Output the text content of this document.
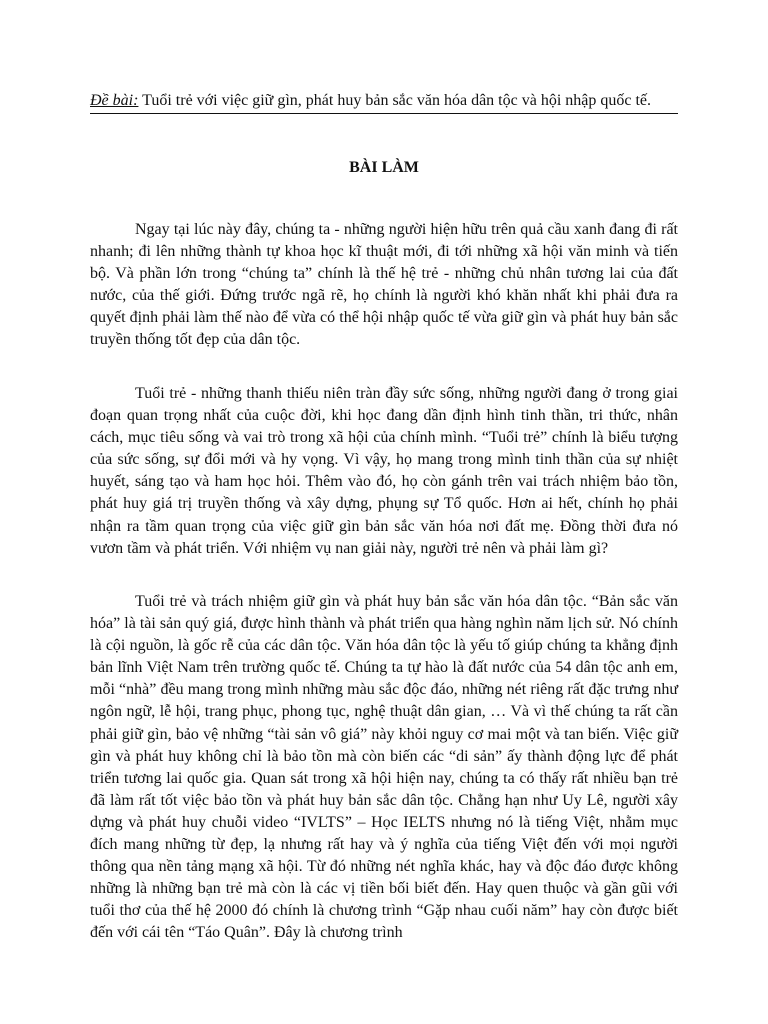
Đề bài: Tuổi trẻ với việc giữ gìn, phát huy bản sắc văn hóa dân tộc và hội nhập quốc tế.
BÀI LÀM

Ngay tại lúc này đây, chúng ta - những người hiện hữu trên quả cầu xanh đang đi rất nhanh; đi lên những thành tự khoa học kĩ thuật mới, đi tới những xã hội văn minh và tiến bộ. Và phần lớn trong “chúng ta” chính là thế hệ trẻ - những chủ nhân tương lai của đất nước, của thế giới. Đứng trước ngã rẽ, họ chính là người khó khăn nhất khi phải đưa ra quyết định phải làm thế nào để vừa có thể hội nhập quốc tế vừa giữ gìn và phát huy bản sắc truyền thống tốt đẹp của dân tộc.

Tuổi trẻ - những thanh thiếu niên tràn đầy sức sống, những người đang ở trong giai đoạn quan trọng nhất của cuộc đời, khi học đang dần định hình tinh thần, tri thức, nhân cách, mục tiêu sống và vai trò trong xã hội của chính mình. “Tuổi trẻ” chính là biểu tượng của sức sống, sự đổi mới và hy vọng. Vì vậy, họ mang trong mình tinh thần của sự nhiệt huyết, sáng tạo và ham học hỏi. Thêm vào đó, họ còn gánh trên vai trách nhiệm bảo tồn, phát huy giá trị truyền thống và xây dựng, phụng sự Tổ quốc. Hơn ai hết, chính họ phải nhận ra tầm quan trọng của việc giữ gìn bản sắc văn hóa nơi đất mẹ. Đồng thời đưa nó vươn tầm và phát triển. Với nhiệm vụ nan giải này, người trẻ nên và phải làm gì?

Tuổi trẻ và trách nhiệm giữ gìn và phát huy bản sắc văn hóa dân tộc. “Bản sắc văn hóa” là tài sản quý giá, được hình thành và phát triển qua hàng nghìn năm lịch sử. Nó chính là cội nguồn, là gốc rễ của các dân tộc. Văn hóa dân tộc là yếu tố giúp chúng ta khẳng định bản lĩnh Việt Nam trên trường quốc tế. Chúng ta tự hào là đất nước của 54 dân tộc anh em, mỗi “nhà” đều mang trong mình những màu sắc độc đáo, những nét riêng rất đặc trưng như ngôn ngữ, lễ hội, trang phục, phong tục, nghệ thuật dân gian, … Và vì thế chúng ta rất cần phải giữ gìn, bảo vệ những “tài sản vô giá” này khỏi nguy cơ mai một và tan biến. Việc giữ gìn và phát huy không chỉ là bảo tồn mà còn biến các “di sản” ấy thành động lực để phát triển tương lai quốc gia. Quan sát trong xã hội hiện nay, chúng ta có thấy rất nhiều bạn trẻ đã làm rất tốt việc bảo tồn và phát huy bản sắc dân tộc. Chẳng hạn như Uy Lê, người xây dựng và phát huy chuỗi video “IVLTS” – Học IELTS nhưng nó là tiếng Việt, nhằm mục đích mang những từ đẹp, lạ nhưng rất hay và ý nghĩa của tiếng Việt đến với mọi người thông qua nền tảng mạng xã hội. Từ đó những nét nghĩa khác, hay và độc đáo được không những là những bạn trẻ mà còn là các vị tiền bối biết đến. Hay quen thuộc và gần gũi với tuổi thơ của thế hệ 2000 đó chính là chương trình “Gặp nhau cuối năm” hay còn được biết đến với cái tên “Táo Quân”. Đây là chương trình
